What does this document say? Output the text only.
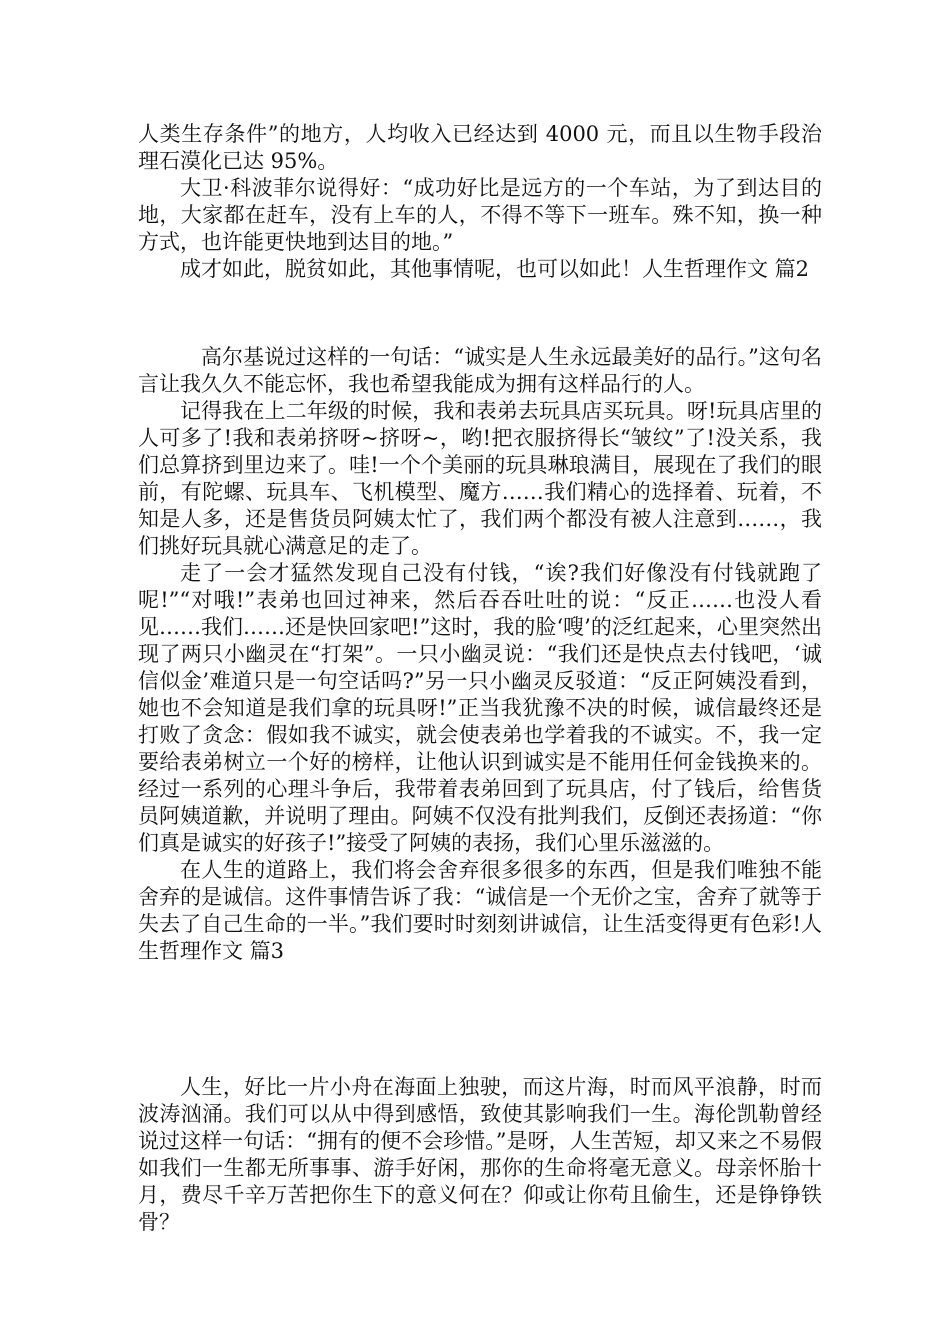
人类生存条件”的地方，人均收入已经达到 4000 元，而且以生物手段治理石漠化已达 95%。

大卫·科波菲尔说得好：“成功好比是远方的一个车站，为了到达目的地，大家都在赶车，没有上车的人，不得不等下一班车。殊不知，换一种方式，也许能更快地到达目的地。”

成才如此，脱贫如此，其他事情呢，也可以如此！人生哲理作文 篇2

高尔基说过这样的一句话：“诚实是人生永远最美好的品行。”这句名言让我久久不能忘怀，我也希望我能成为拥有这样品行的人。

记得我在上二年级的时候，我和表弟去玩具店买玩具。呀!玩具店里的人可多了!我和表弟挤呀~挤呀~，哟!把衣服挤得长“皱纹”了!没关系，我们总算挤到里边来了。哇!一个个美丽的玩具琳琅满目，展现在了我们的眼前，有陀螺、玩具车、飞机模型、魔方……我们精心的选择着、玩着，不知是人多，还是售货员阿姨太忙了，我们两个都没有被人注意到……，我们挑好玩具就心满意足的走了。

走了一会才猛然发现自己没有付钱，“诶?我们好像没有付钱就跑了呢!”“对哦!”表弟也回过神来，然后吞吞吐吐的说：“反正……也没人看见……我们……还是快回家吧!”这时，我的脸‘嗖’的泛红起来，心里突然出现了两只小幽灵在“打架”。一只小幽灵说：“我们还是快点去付钱吧，‘诚信似金’难道只是一句空话吗?”另一只小幽灵反驳道：“反正阿姨没看到，她也不会知道是我们拿的玩具呀!”正当我犹豫不决的时候，诚信最终还是打败了贪念：假如我不诚实，就会使表弟也学着我的不诚实。不，我一定要给表弟树立一个好的榜样，让他认识到诚实是不能用任何金钱换来的。经过一系列的心理斗争后，我带着表弟回到了玩具店，付了钱后，给售货员阿姨道歉，并说明了理由。阿姨不仅没有批判我们，反倒还表扬道：“你们真是诚实的好孩子!”接受了阿姨的表扬，我们心里乐滋滋的。

在人生的道路上，我们将会舍弃很多很多的东西，但是我们唯独不能舍弃的是诚信。这件事情告诉了我：“诚信是一个无价之宝，舍弃了就等于失去了自己生命的一半。”我们要时时刻刻讲诚信，让生活变得更有色彩!人生哲理作文 篇3

人生，好比一片小舟在海面上独驶，而这片海，时而风平浪静，时而波涛汹涌。我们可以从中得到感悟，致使其影响我们一生。海伦凯勒曾经说过这样一句话：“拥有的便不会珍惜。”是呀，人生苦短，却又来之不易假如我们一生都无所事事、游手好闲，那你的生命将毫无意义。母亲怀胎十月，费尽千辛万苦把你生下的意义何在？仰或让你苟且偷生，还是铮铮铁骨？
